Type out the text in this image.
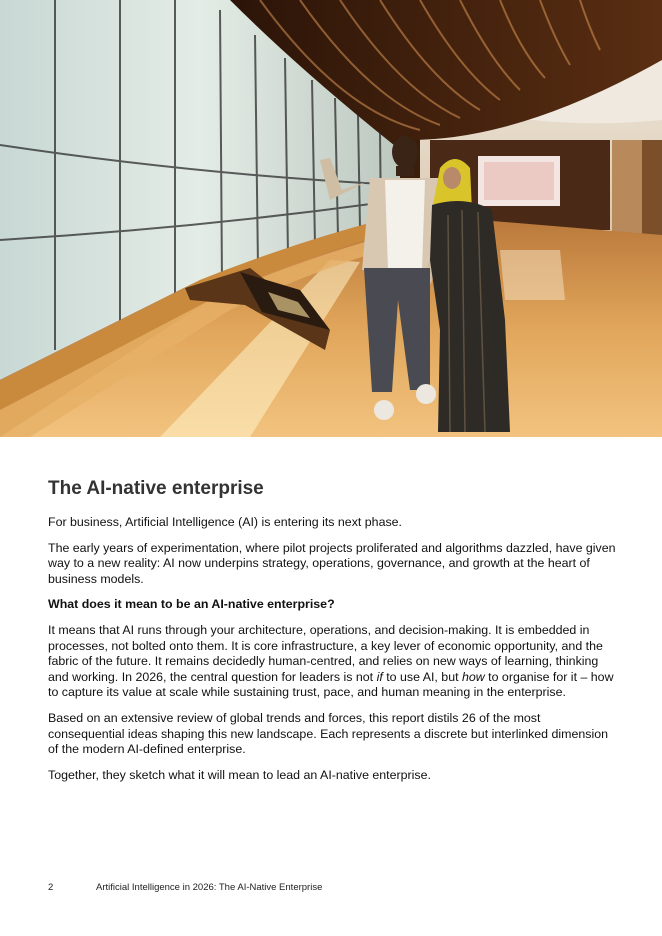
The AI-native enterprise

For business, Artificial Intelligence (AI) is entering its next phase.

The early years of experimentation, where pilot projects proliferated and algorithms dazzled, have given way to a new reality: AI now underpins strategy, operations, governance, and growth at the heart of business models.

What does it mean to be an AI-native enterprise?

It means that AI runs through your architecture, operations, and decision-making. It is embedded in processes, not bolted onto them. It is core infrastructure, a key lever of economic opportunity, and the fabric of the future. It remains decidedly human-centred, and relies on new ways of learning, thinking and working. In 2026, the central question for leaders is not if to use AI, but how to organise for it – how to capture its value at scale while sustaining trust, pace, and human meaning in the enterprise.

Based on an extensive review of global trends and forces, this report distils 26 of the most consequential ideas shaping this new landscape. Each represents a discrete but interlinked dimension of the modern AI-defined enterprise.

Together, they sketch what it will mean to lead an AI-native enterprise.

2	Artificial Intelligence in 2026: The AI-Native Enterprise
